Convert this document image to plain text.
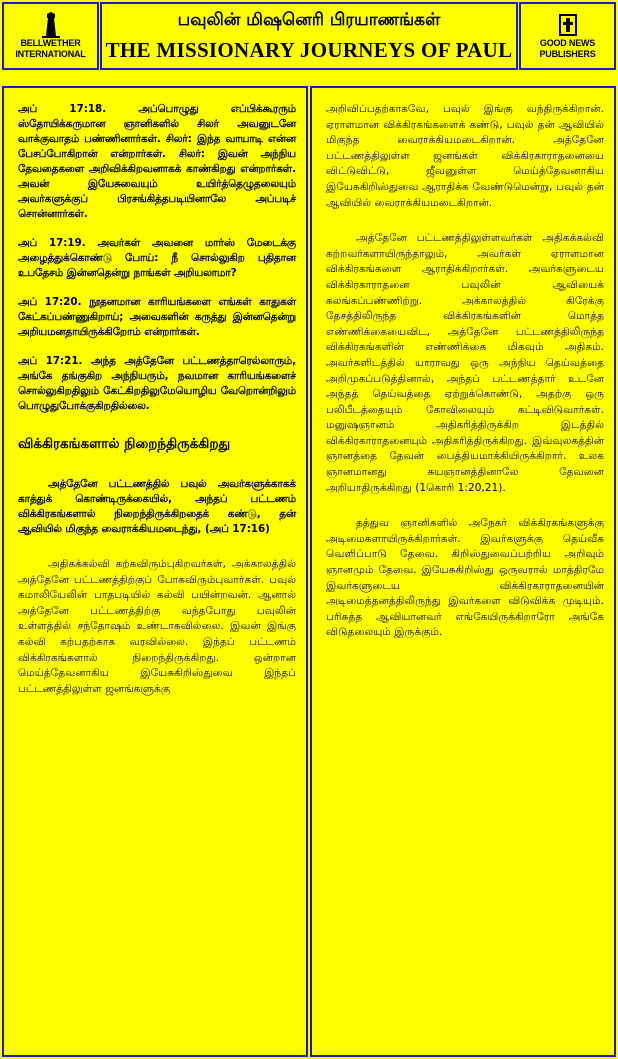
BELLWETHER INTERNATIONAL
பவுலின் மிஷனெரி பிரயாணங்கள்
THE MISSIONARY JOURNEYS OF PAUL	GOOD NEWS PUBLISHERS

அப் 17:18. அப்பொழுது எப்பிக்கூரரும் ஸ்தோயிக்கருமான ஞானிகளில் சிலர் அவனுடனே வாக்குவாதம் பண்ணினார்கள். சிலர்: இந்த வாயாடி என்ன பேசப்போகிறான் என்றார்கள். சிலர்: இவன் அந்நிய தேவதைகளை அறிவிக்கிறவனாகக் காண்கிறது என்றார்கள். அவன் இயேசுவையும் உயிர்த்தெழுதலையும் அவர்களுக்குப் பிரசங்கித்தபடியினாலே அப்படிச் சொன்னார்கள்.

அப் 17:19. அவர்கள் அவனை மார்ஸ் மேடைக்கு அழைத்துக்கொண்டு போய்: நீ சொல்லுகிற புதிதான உபதேசம் இன்னதென்று நாங்கள் அறியலாமா?

அப் 17:20. நூதனமான காரியங்களை எங்கள் காதுகள் கேட்கப்பண்ணுகிறாய்; அவைகளின் கருத்து இன்னதென்று அறியமனதாயிருக்கிறோம் என்றார்கள்.

அப் 17:21. அந்த அத்தேனே பட்டணத்தாரெல்லாரும், அங்கே தங்குகிற அந்நியரும், நவமான காரியங்களைச் சொல்லுகிறதிலும் கேட்கிறதிலுமேயொழிய வேறொன்றிலும் பொழுதுபோக்குகிறதில்லை.

விக்கிரகங்களால் நிறைந்திருக்கிறது

அத்தேனே பட்டணத்தில் பவுல் அவர்களுக்காகக் காத்துக் கொண்டிருக்கையில், அந்தப் பட்டணம் விக்கிரகங்களால் நிறைந்திருக்கிறதைக் கண்டு, தன் ஆவியில் மிகுந்த வைராக்கியமடைந்து, (அப் 17:16)

அதிகக்கல்வி கற்கவிரும்புகிறவர்கள், அக்காலத்தில் அத்தேனே பட்டணத்திற்குப் போகவிரும்புவார்கள். பவுல் கமாலியேலின் பாதபடியில் கல்வி பயின்றவன். ஆனால் அத்தேனே பட்டணத்திற்கு வந்தபோது பவுலின் உள்ளத்தில் சந்தோஷம் உண்டாகவில்லை. இவன் இங்கு கல்வி கற்பதற்காக வரவில்லை. இந்தப் பட்டணம் விக்கிரகங்களால் நிறைந்திருக்கிறது. ஒன்றான மெய்த்தேவனாகிய இயேசுகிறிஸ்துவை இந்தப் பட்டணத்திலுள்ள ஜனங்களுக்கு

அறிவிப்பதற்காகவே, பவுல் இங்கு வந்திருக்கிறான். ஏராளமான விக்கிரகங்களைக் கண்டு, பவுல் தன் ஆவியில் மிகுந்த வைராக்கியமடைகிறான். அத்தேனே பட்டணத்திலுள்ள ஜனங்கள் விக்கிரகாராதனையை விட்டுவிட்டு, ஜீவனுள்ள மெய்த்தேவனாகிய இயேசுகிறிஸ்துவை ஆராதிக்க வேண்டுமென்று, பவுல் தன் ஆவியில் வைராக்கியமடைகிறான்.

அத்தேனே பட்டணத்திலுள்ளவர்கள் அதிகக்கல்வி கற்றவர்களாயிருந்தாலும், அவர்கள் ஏராளமான விக்கிரகங்களை ஆராதிக்கிறார்கள். அவர்களுடைய விக்கிரகாராதனை பவுலின் ஆவியைக் கலங்கப்பண்ணிற்று. அக்காலத்தில் கிரேக்கு தேசத்திலிருந்த விக்கிரகங்களின் மொத்த எண்ணிக்கையைவிட, அத்தேனே பட்டணத்திலிருந்த விக்கிரகங்களின் எண்ணிக்கை மிகவும் அதிகம். அவர்களிடத்தில் யாராவது ஒரு அந்நிய தெய்வத்தை அறிமுகப்படுத்தினால், அந்தப் பட்டணத்தார் உடனே அந்தத் தெய்வத்தை ஏற்றுக்கொண்டு, அதற்கு ஒரு பலிபீடத்தையும் கோவிலையும் கட்டிவிடுவார்கள். மனுஷஞானம் அதிகரித்திருக்கிற இடத்தில் விக்கிரகாராதனையும் அதிகரித்திருக்கிறது. இவ்வுலகத்தின் ஞானத்தை தேவன் பைத்தியமாக்கியிருக்கிறார். உலக ஞானமானது சுயஞானத்தினாலே தேவனை அறியாதிருக்கிறது (1கொரி 1:20,21).

தத்துவ ஞானிகளில் அநேகர் விக்கிரகங்களுக்கு அடிமைகளாயிருக்கிறார்கள். இவர்களுக்கு தெய்வீக வெளிப்பாடு தேவை. கிறிஸ்துவைப்பற்றிய அறிவும் ஞானமும் தேவை. இயேசுகிறிஸ்து ஒருவரால் மாத்திரமே இவர்களுடைய விக்கிரகாராதனையின் அடிமைத்தனத்திலிருந்து இவர்களை விடுவிக்க முடியும். பரிசுத்த ஆவியானவர் எங்கேயிருக்கிறாரோ அங்கே விடுதலையும் இருக்கும்.
